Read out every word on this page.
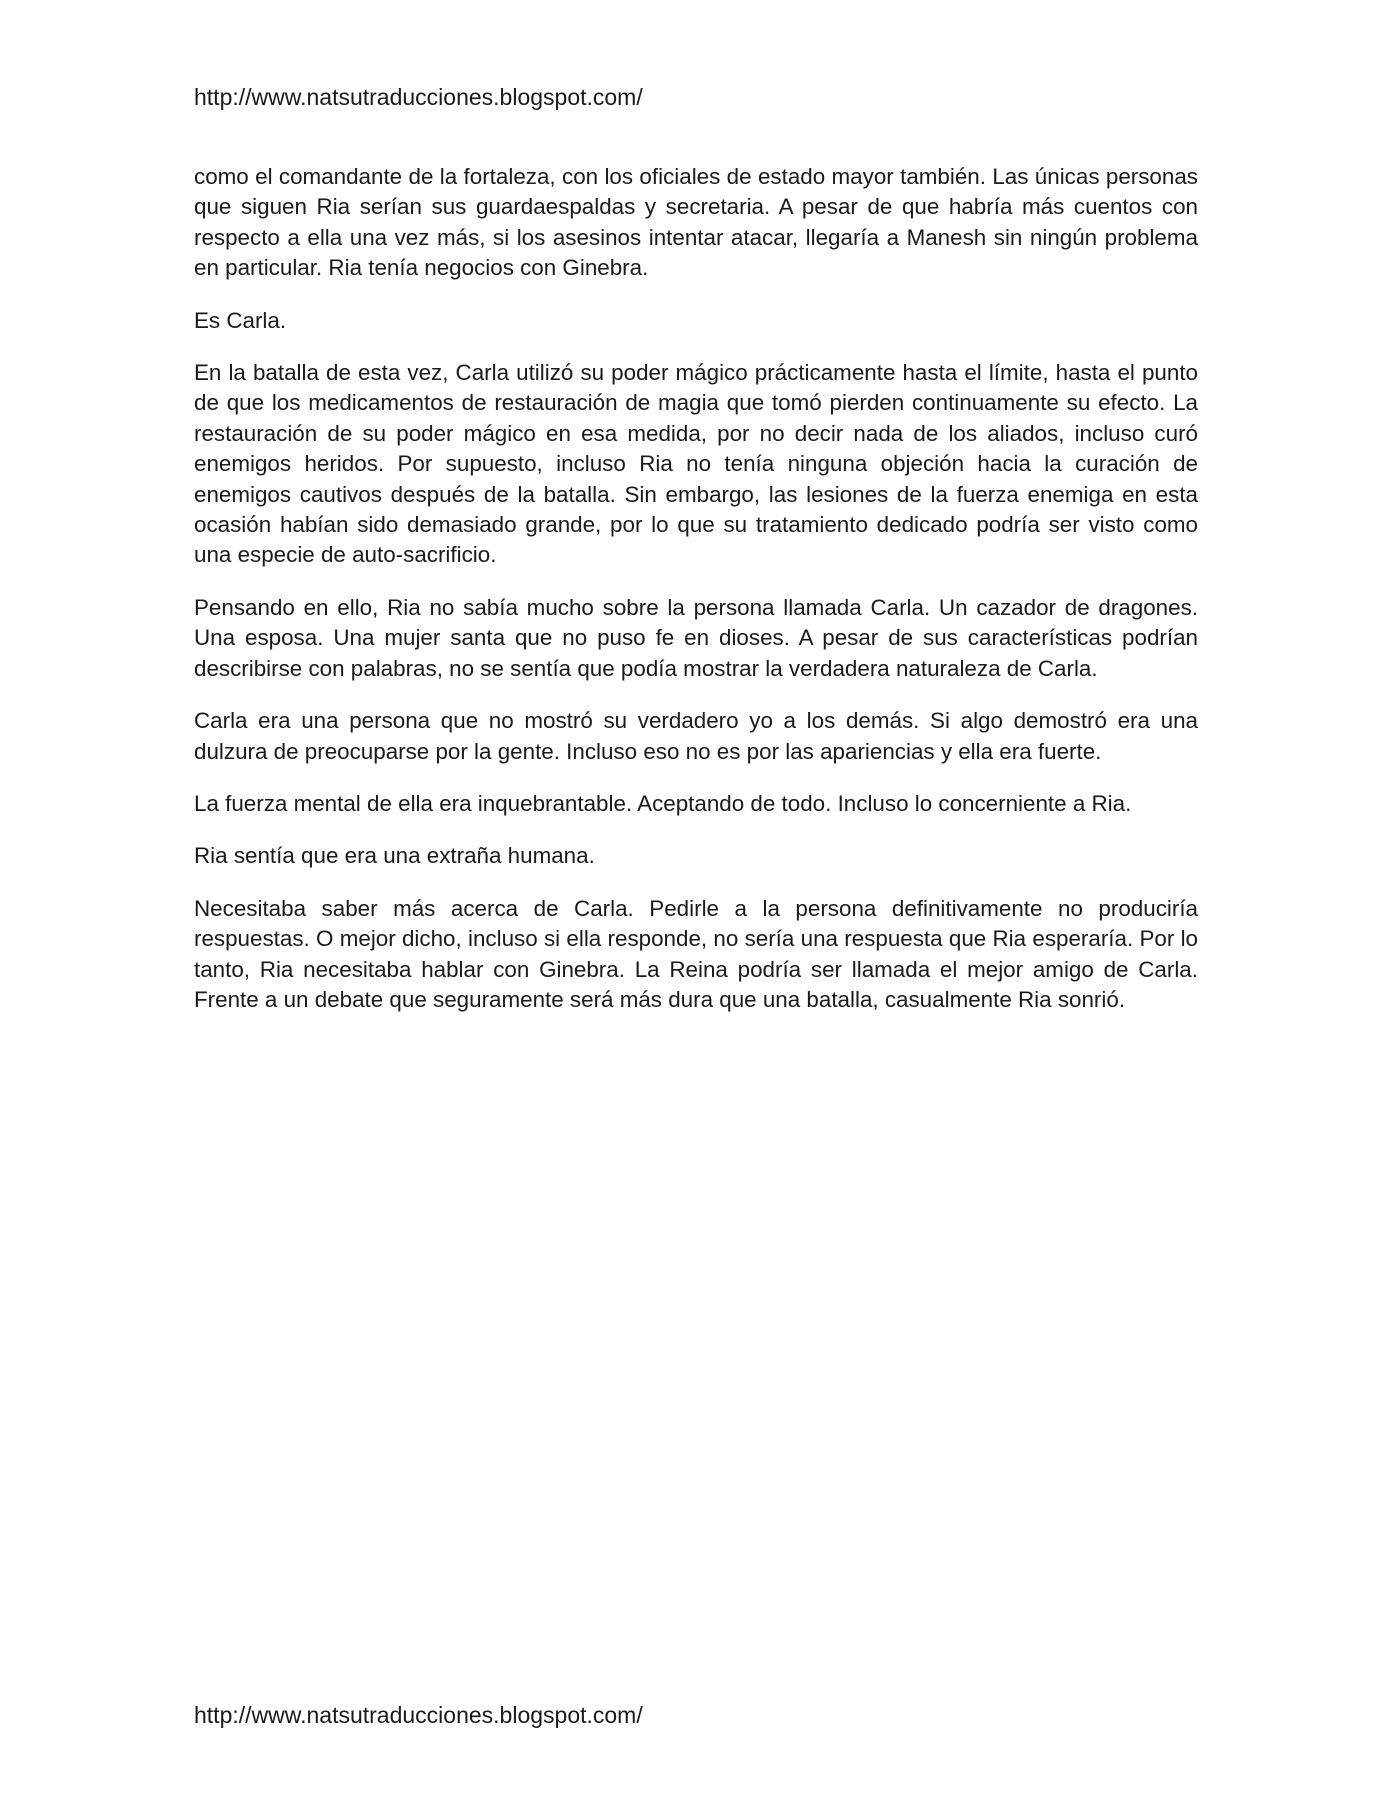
http://www.natsutraducciones.blogspot.com/

como el comandante de la fortaleza, con los oficiales de estado mayor también. Las únicas personas que siguen Ria serían sus guardaespaldas y secretaria. A pesar de que habría más cuentos con respecto a ella una vez más, si los asesinos intentar atacar, llegaría a Manesh sin ningún problema en particular. Ria tenía negocios con Ginebra.

Es Carla.

En la batalla de esta vez, Carla utilizó su poder mágico prácticamente hasta el límite, hasta el punto de que los medicamentos de restauración de magia que tomó pierden continuamente su efecto. La restauración de su poder mágico en esa medida, por no decir nada de los aliados, incluso curó enemigos heridos. Por supuesto, incluso Ria no tenía ninguna objeción hacia la curación de enemigos cautivos después de la batalla. Sin embargo, las lesiones de la fuerza enemiga en esta ocasión habían sido demasiado grande, por lo que su tratamiento dedicado podría ser visto como una especie de auto-sacrificio.

Pensando en ello, Ria no sabía mucho sobre la persona llamada Carla. Un cazador de dragones. Una esposa. Una mujer santa que no puso fe en dioses. A pesar de sus características podrían describirse con palabras, no se sentía que podía mostrar la verdadera naturaleza de Carla.

Carla era una persona que no mostró su verdadero yo a los demás. Si algo demostró era una dulzura de preocuparse por la gente. Incluso eso no es por las apariencias y ella era fuerte.

La fuerza mental de ella era inquebrantable. Aceptando de todo. Incluso lo concerniente a Ria.

Ria sentía que era una extraña humana.

Necesitaba saber más acerca de Carla. Pedirle a la persona definitivamente no produciría respuestas. O mejor dicho, incluso si ella responde, no sería una respuesta que Ria esperaría. Por lo tanto, Ria necesitaba hablar con Ginebra. La Reina podría ser llamada el mejor amigo de Carla. Frente a un debate que seguramente será más dura que una batalla, casualmente Ria sonrió.

http://www.natsutraducciones.blogspot.com/
